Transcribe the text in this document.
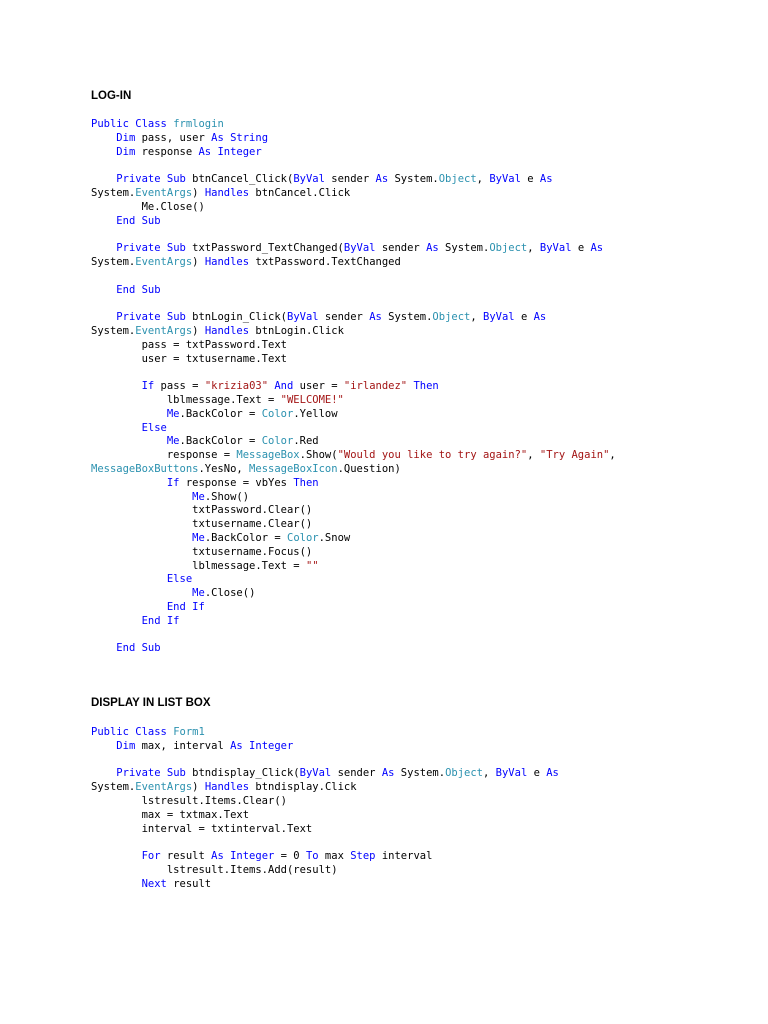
LOG-IN
Public Class frmlogin
Dim pass, user As String
Dim response As Integer
Private Sub btnCancel_Click(ByVal sender As System.Object, ByVal e As
System.EventArgs) Handles btnCancel.Click
Me.Close()
End Sub
Private Sub txtPassword_TextChanged(ByVal sender As System.Object, ByVal e As
System.EventArgs) Handles txtPassword.TextChanged
End Sub
Private Sub btnLogin_Click(ByVal sender As System.Object, ByVal e As
System.EventArgs) Handles btnLogin.Click
pass = txtPassword.Text
user = txtusername.Text
If pass = "krizia03" And user = "irlandez" Then
lblmessage.Text = "WELCOME!"
Me.BackColor = Color.Yellow
Else
Me.BackColor = Color.Red
response = MessageBox.Show("Would you like to try again?", "Try Again",
MessageBoxButtons.YesNo, MessageBoxIcon.Question)
If response = vbYes Then
Me.Show()
txtPassword.Clear()
txtusername.Clear()
Me.BackColor = Color.Snow
txtusername.Focus()
lblmessage.Text = ""
Else
Me.Close()
End If
End If
End Sub
DISPLAY IN LIST BOX
Public Class Form1
Dim max, interval As Integer
Private Sub btndisplay_Click(ByVal sender As System.Object, ByVal e As
System.EventArgs) Handles btndisplay.Click
lstresult.Items.Clear()
max = txtmax.Text
interval = txtinterval.Text
For result As Integer = 0 To max Step interval
lstresult.Items.Add(result)
Next result
